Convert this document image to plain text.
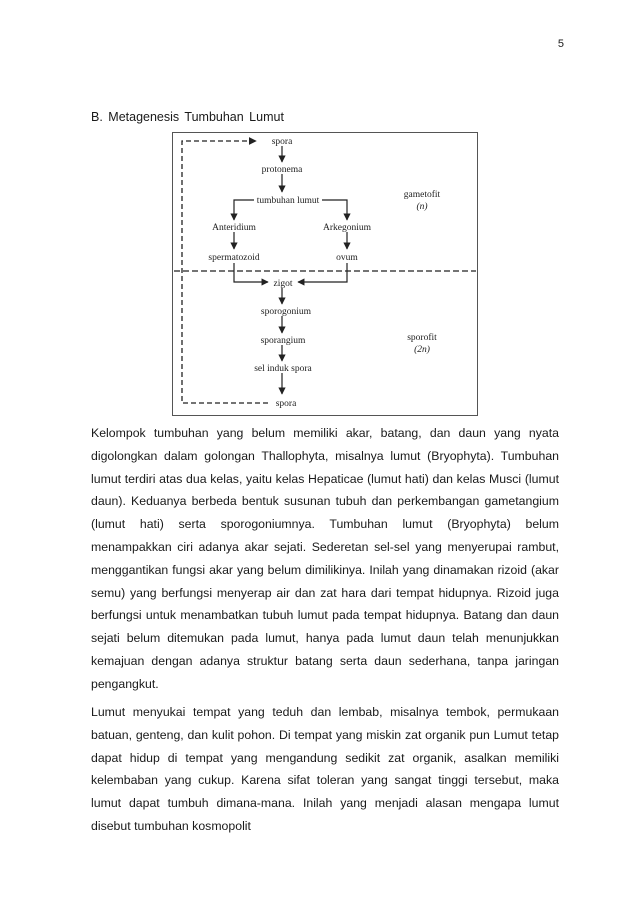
5
B. Metagenesis Tumbuhan Lumut
spora
protonema
tumbuhan lumut
Anteridium	Arkegonium
spermatozoid	ovum
zigot
sporogonium
sporangium
sel induk spora
spora
gametofit
(n)
sporofit
(2n)

Kelompok tumbuhan yang belum memiliki akar, batang, dan daun yang nyata digolongkan dalam golongan Thallophyta, misalnya lumut (Bryophyta). Tumbuhan lumut terdiri atas dua kelas, yaitu kelas Hepaticae (lumut hati) dan kelas Musci (lumut daun). Keduanya berbeda bentuk susunan tubuh dan perkembangan gametangium (lumut hati) serta sporogoniumnya. Tumbuhan lumut (Bryophyta) belum menampakkan ciri adanya akar sejati. Sederetan sel-sel yang menyerupai rambut, menggantikan fungsi akar yang belum dimilikinya. Inilah yang dinamakan rizoid (akar semu) yang berfungsi menyerap air dan zat hara dari tempat hidupnya. Rizoid juga berfungsi untuk menambatkan tubuh lumut pada tempat hidupnya. Batang dan daun sejati belum ditemukan pada lumut, hanya pada lumut daun telah menunjukkan kemajuan dengan adanya struktur batang serta daun sederhana, tanpa jaringan pengangkut.

Lumut menyukai tempat yang teduh dan lembab, misalnya tembok, permukaan batuan, genteng, dan kulit pohon. Di tempat yang miskin zat organik pun Lumut tetap dapat hidup di tempat yang mengandung sedikit zat organik, asalkan memiliki kelembaban yang cukup. Karena sifat toleran yang sangat tinggi tersebut, maka lumut dapat tumbuh dimana-mana. Inilah yang menjadi alasan mengapa lumut disebut tumbuhan kosmopolit
